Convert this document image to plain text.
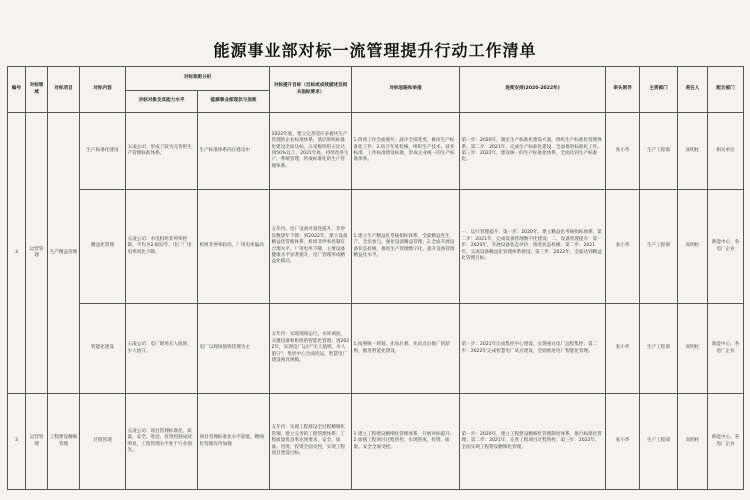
能源事业部对标一流管理提升行动工作清单
编号	对标领域	对标项目	对标内容	对标差距分析		对标提升目标（目标或成效描述及相关指标要求）	对标思路和举措	进度安排(2020-2022年)	牵头领导	主责部门	责任人	配合部门
				对标对象及其能力水平	能源事业部现状与差距							
3	运营管理	生产精益管理	生产标准化建设	五凌公司：形成了较为完善的生产管理标准体系。	生产标准体系尚在建设中	2022年底，建立完善适应多板块生产管理的企业标准体系，基层班组标准化建设全面达标，五星级班组占比达到50%以上。2021年底，持续改进生产、系统管理，形成标准化的生产管理体系。	1.四项工作全面展开，减少全部变更、修改生产标准化工作；2.结合年度检修，组织生产技术、技术标准、工作标准建设标准，形成企业统一的生产标准体系。	第一步：2020年，制定生产标准化建设方案，组织生产标准化管理体系。第二步：2021年，完成生产标准化建设，全面推进标准化工作。第三步：2022年，建设统一的生产标准化体系，全面达到生产标准化。	张小华	生产工程部	高明柱	相关单位
			精益化管理	五凌公司：水电机组非停率控制，平均为2.8次/年，电厂厂用电率同比下降。	机组非停率较高，厂用电率偏高	五年内，电厂设备可靠性提升，非停次数逐年下降；到2022年，建立设备精益化管理体系，机组非停率控制在合理水平，厂用电率下降，主要设备健康水平显著提升，电厂管理形成精益化模式。	1.建立生产精益化考核指标体系，全面精益化生产，全员参与，强化设备精益管理；2.全面开展设备状态检修，推进生产管理数字化，提升设备管理精益化水平。	一、运行管理提升：第一步：2020年，建立精益化考核指标体系；第二步：2021年，完成设备管理数字化建设；二、设备管理提升：第一步：2020年，开展设备状态评价，推进状态检修；第二步：2021年，完成设备精益化管理体系建设；第三步：2022年，全面达到精益化管理目标。	张小华	生产工程部	高明柱	新能中心、各电厂企业
			智能化建设	五凌公司：电厂现场无人值班，少人值守。	电厂以现场值班管理为主	五年内：实现现场运行、水库调度、关键设备和机组的智能化管理；到2022年，实现电厂运行"无人值班，少人值守"，集控中心全面投运，智慧电厂建设初具规模。	1.按照统一规划、先易后难、先试点后推广的原则，推进智能化建设。	第一步：2021年完成集控中心建设，实现重点电厂远程集控；第二步：2022年完成智慧电厂试点建设，全面推进电厂智能化管理。	张小华	生产工程部	高明柱	新能中心、各电厂企业
3	运营管理	工程建设精细管理	过程管理	五凌公司：项目管理标准化，质量、安全、进度、投资控制成效明显，工程管理水平处于行业领先。	项目管理标准化水平较低，精细化管理有待加强	五年内：实现工程建设全过程精细化管理，建立完善的工程管理体系；工程质量优良率达到要求，安全、质量、进度、投资全面受控，实现工程项目建设目标。	1.建立工程建设精细化管理体系，开展对标提升；2.加强工程项目过程管控，实现进度、投资、质量、安全全面受控。	第一步：2020年，建立工程建设精细化管理制度体系，推行标准化管理；第二步：2021年，完善工程项目过程管控；第三步：2022年，全面实现工程建设精细化管理。	张小华	生产工程部	高明柱	新能中心、各电厂企业
